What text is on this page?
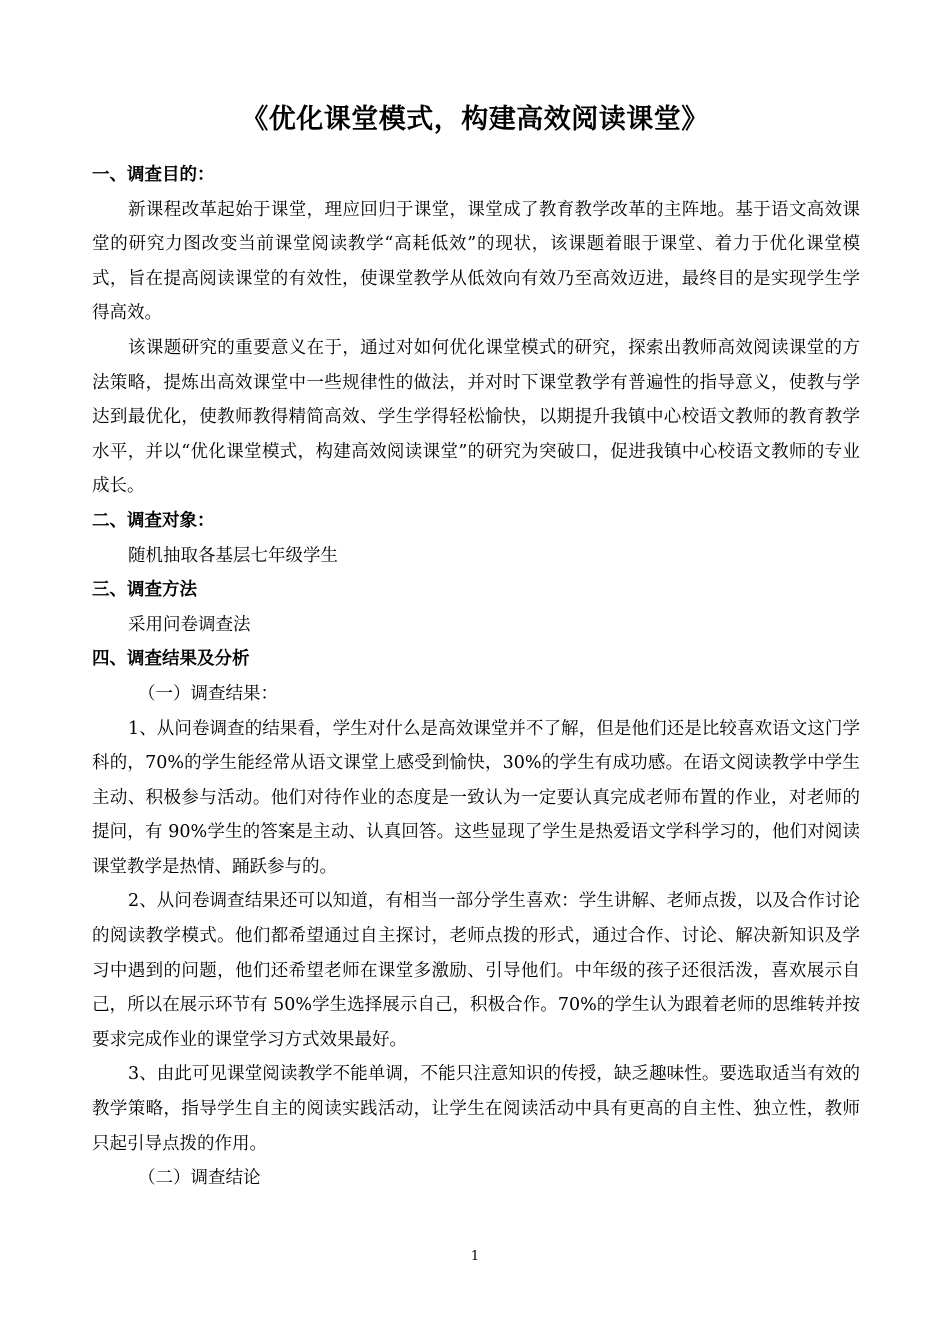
《优化课堂模式，构建高效阅读课堂》

一、调查目的：

新课程改革起始于课堂，理应回归于课堂，课堂成了教育教学改革的主阵地。基于语文高效课堂的研究力图改变当前课堂阅读教学“高耗低效”的现状，该课题着眼于课堂、着力于优化课堂模式，旨在提高阅读课堂的有效性，使课堂教学从低效向有效乃至高效迈进，最终目的是实现学生学得高效。

该课题研究的重要意义在于，通过对如何优化课堂模式的研究，探索出教师高效阅读课堂的方法策略，提炼出高效课堂中一些规律性的做法，并对时下课堂教学有普遍性的指导意义，使教与学达到最优化，使教师教得精简高效、学生学得轻松愉快，以期提升我镇中心校语文教师的教育教学水平，并以“优化课堂模式，构建高效阅读课堂”的研究为突破口，促进我镇中心校语文教师的专业成长。

二、调查对象：

随机抽取各基层七年级学生

三、调查方法

采用问卷调查法

四、调查结果及分析

（一）调查结果：

1、从问卷调查的结果看，学生对什么是高效课堂并不了解，但是他们还是比较喜欢语文这门学科的，70%的学生能经常从语文课堂上感受到愉快，30%的学生有成功感。在语文阅读教学中学生主动、积极参与活动。他们对待作业的态度是一致认为一定要认真完成老师布置的作业，对老师的提问，有 90%学生的答案是主动、认真回答。这些显现了学生是热爱语文学科学习的，他们对阅读课堂教学是热情、踊跃参与的。

2、从问卷调查结果还可以知道，有相当一部分学生喜欢：学生讲解、老师点拨，以及合作讨论的阅读教学模式。他们都希望通过自主探讨，老师点拨的形式，通过合作、讨论、解决新知识及学习中遇到的问题，他们还希望老师在课堂多激励、引导他们。中年级的孩子还很活泼，喜欢展示自己，所以在展示环节有 50%学生选择展示自己，积极合作。70%的学生认为跟着老师的思维转并按要求完成作业的课堂学习方式效果最好。

3、由此可见课堂阅读教学不能单调，不能只注意知识的传授，缺乏趣味性。要选取适当有效的教学策略，指导学生自主的阅读实践活动，让学生在阅读活动中具有更高的自主性、独立性，教师只起引导点拨的作用。

（二）调查结论

1
